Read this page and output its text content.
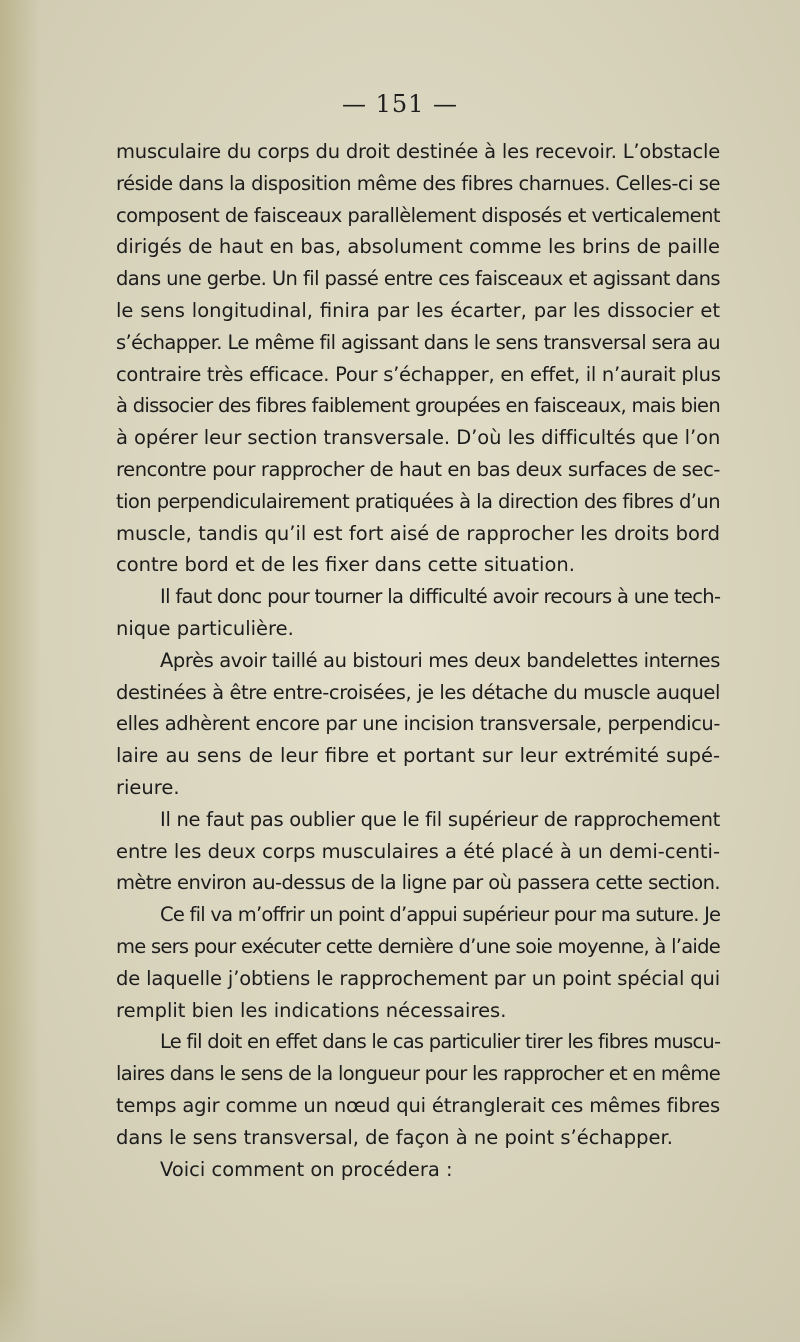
— 151 —
musculaire du corps du droit destinée à les recevoir. L’obstacle
réside dans la disposition même des fibres charnues. Celles-ci se
composent de faisceaux parallèlement disposés et verticalement
dirigés de haut en bas, absolument comme les brins de paille
dans une gerbe. Un fil passé entre ces faisceaux et agissant dans
le sens longitudinal, finira par les écarter, par les dissocier et
s’échapper. Le même fil agissant dans le sens transversal sera au
contraire très efficace. Pour s’échapper, en effet, il n’aurait plus
à dissocier des fibres faiblement groupées en faisceaux, mais bien
à opérer leur section transversale. D’où les difficultés que l’on
rencontre pour rapprocher de haut en bas deux surfaces de sec-
tion perpendiculairement pratiquées à la direction des fibres d’un
muscle, tandis qu’il est fort aisé de rapprocher les droits bord
contre bord et de les fixer dans cette situation.
Il faut donc pour tourner la difficulté avoir recours à une tech-
nique particulière.
Après avoir taillé au bistouri mes deux bandelettes internes
destinées à être entre-croisées, je les détache du muscle auquel
elles adhèrent encore par une incision transversale, perpendicu-
laire au sens de leur fibre et portant sur leur extrémité supé-
rieure.
Il ne faut pas oublier que le fil supérieur de rapprochement
entre les deux corps musculaires a été placé à un demi-centi-
mètre environ au-dessus de la ligne par où passera cette section.
Ce fil va m’offrir un point d’appui supérieur pour ma suture. Je
me sers pour exécuter cette dernière d’une soie moyenne, à l’aide
de laquelle j’obtiens le rapprochement par un point spécial qui
remplit bien les indications nécessaires.
Le fil doit en effet dans le cas particulier tirer les fibres muscu-
laires dans le sens de la longueur pour les rapprocher et en même
temps agir comme un nœud qui étranglerait ces mêmes fibres
dans le sens transversal, de façon à ne point s’échapper.
Voici comment on procédera :
